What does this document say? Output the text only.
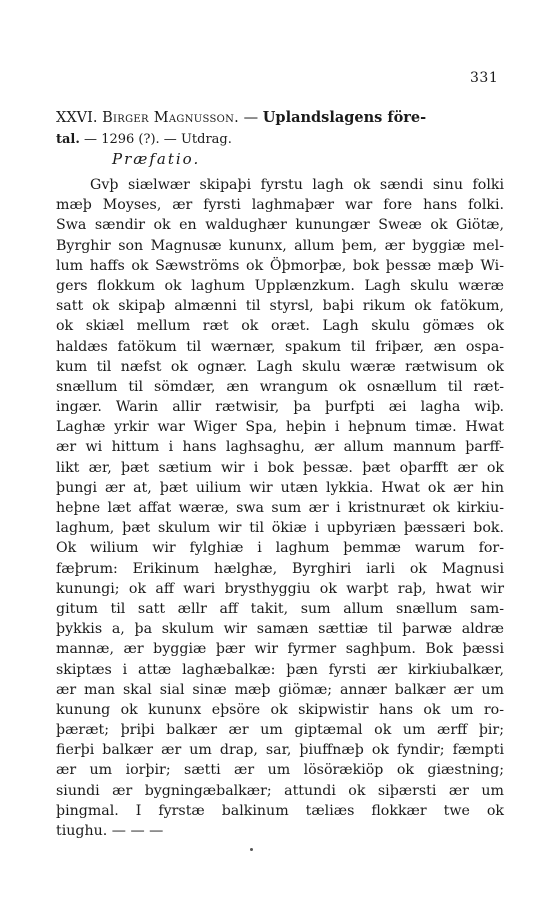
331
XXVI. Birger Magnusson. — Uplandslagens före-
tal. — 1296 (?). — Utdrag.
Præfatio.
Gvþ siælwær skipaþi fyrstu lagh ok sændi sinu folki
mæþ Moyses, ær fyrsti laghmaþær war fore hans folki.
Swa sændir ok en waldughær kunungær Sweæ ok Giötæ,
Byrghir son Magnusæ kununx, allum þem, ær byggiæ mel-
lum haffs ok Sæwströms ok Öþmorþæ, bok þessæ mæþ Wi-
gers flokkum ok laghum Upplænzkum. Lagh skulu wæræ
satt ok skipaþ almænni til styrsl, baþi rikum ok fatökum,
ok skiæl mellum ræt ok oræt. Lagh skulu gömæs ok
haldæs fatökum til wærnær, spakum til friþær, æn ospa-
kum til næfst ok ognær. Lagh skulu wæræ rætwisum ok
snællum til sömdær, æn wrangum ok osnællum til ræt-
ingær. Warin allir rætwisir, þa þurfpti æi lagha wiþ.
Laghæ yrkir war Wiger Spa, heþin i heþnum timæ. Hwat
ær wi hittum i hans laghsaghu, ær allum mannum þarff-
likt ær, þæt sætium wir i bok þessæ. þæt oþarfft ær ok
þungi ær at, þæt uilium wir utæn lykkia. Hwat ok ær hin
heþne læt affat wæræ, swa sum ær i kristnuræt ok kirkiu-
laghum, þæt skulum wir til ökiæ i upbyriæn þæssæri bok.
Ok wilium wir fylghiæ i laghum þemmæ warum for-
fæþrum: Erikinum hælghæ, Byrghiri iarli ok Magnusi
kunungi; ok aff wari brysthyggiu ok warþt raþ, hwat wir
gitum til satt ællr aff takit, sum allum snællum sam-
þykkis a, þa skulum wir samæn sættiæ til þarwæ aldræ
mannæ, ær byggiæ þær wir fyrmer saghþum. Bok þæssi
skiptæs i attæ laghæbalkæ: þæn fyrsti ær kirkiubalkær,
ær man skal sial sinæ mæþ giömæ; annær balkær ær um
kunung ok kununx eþsöre ok skipwistir hans ok um ro-
þæræt; þriþi balkær ær um giptæmal ok um ærff þir;
fierþi balkær ær um drap, sar, þiuffnæþ ok fyndir; fæmpti
ær um iorþir; sætti ær um lösörækiöp ok giæstning;
siundi ær bygningæbalkær; attundi ok siþærsti ær um
þingmal. I fyrstæ balkinum tæliæs flokkær twe ok
tiughu. — — —
